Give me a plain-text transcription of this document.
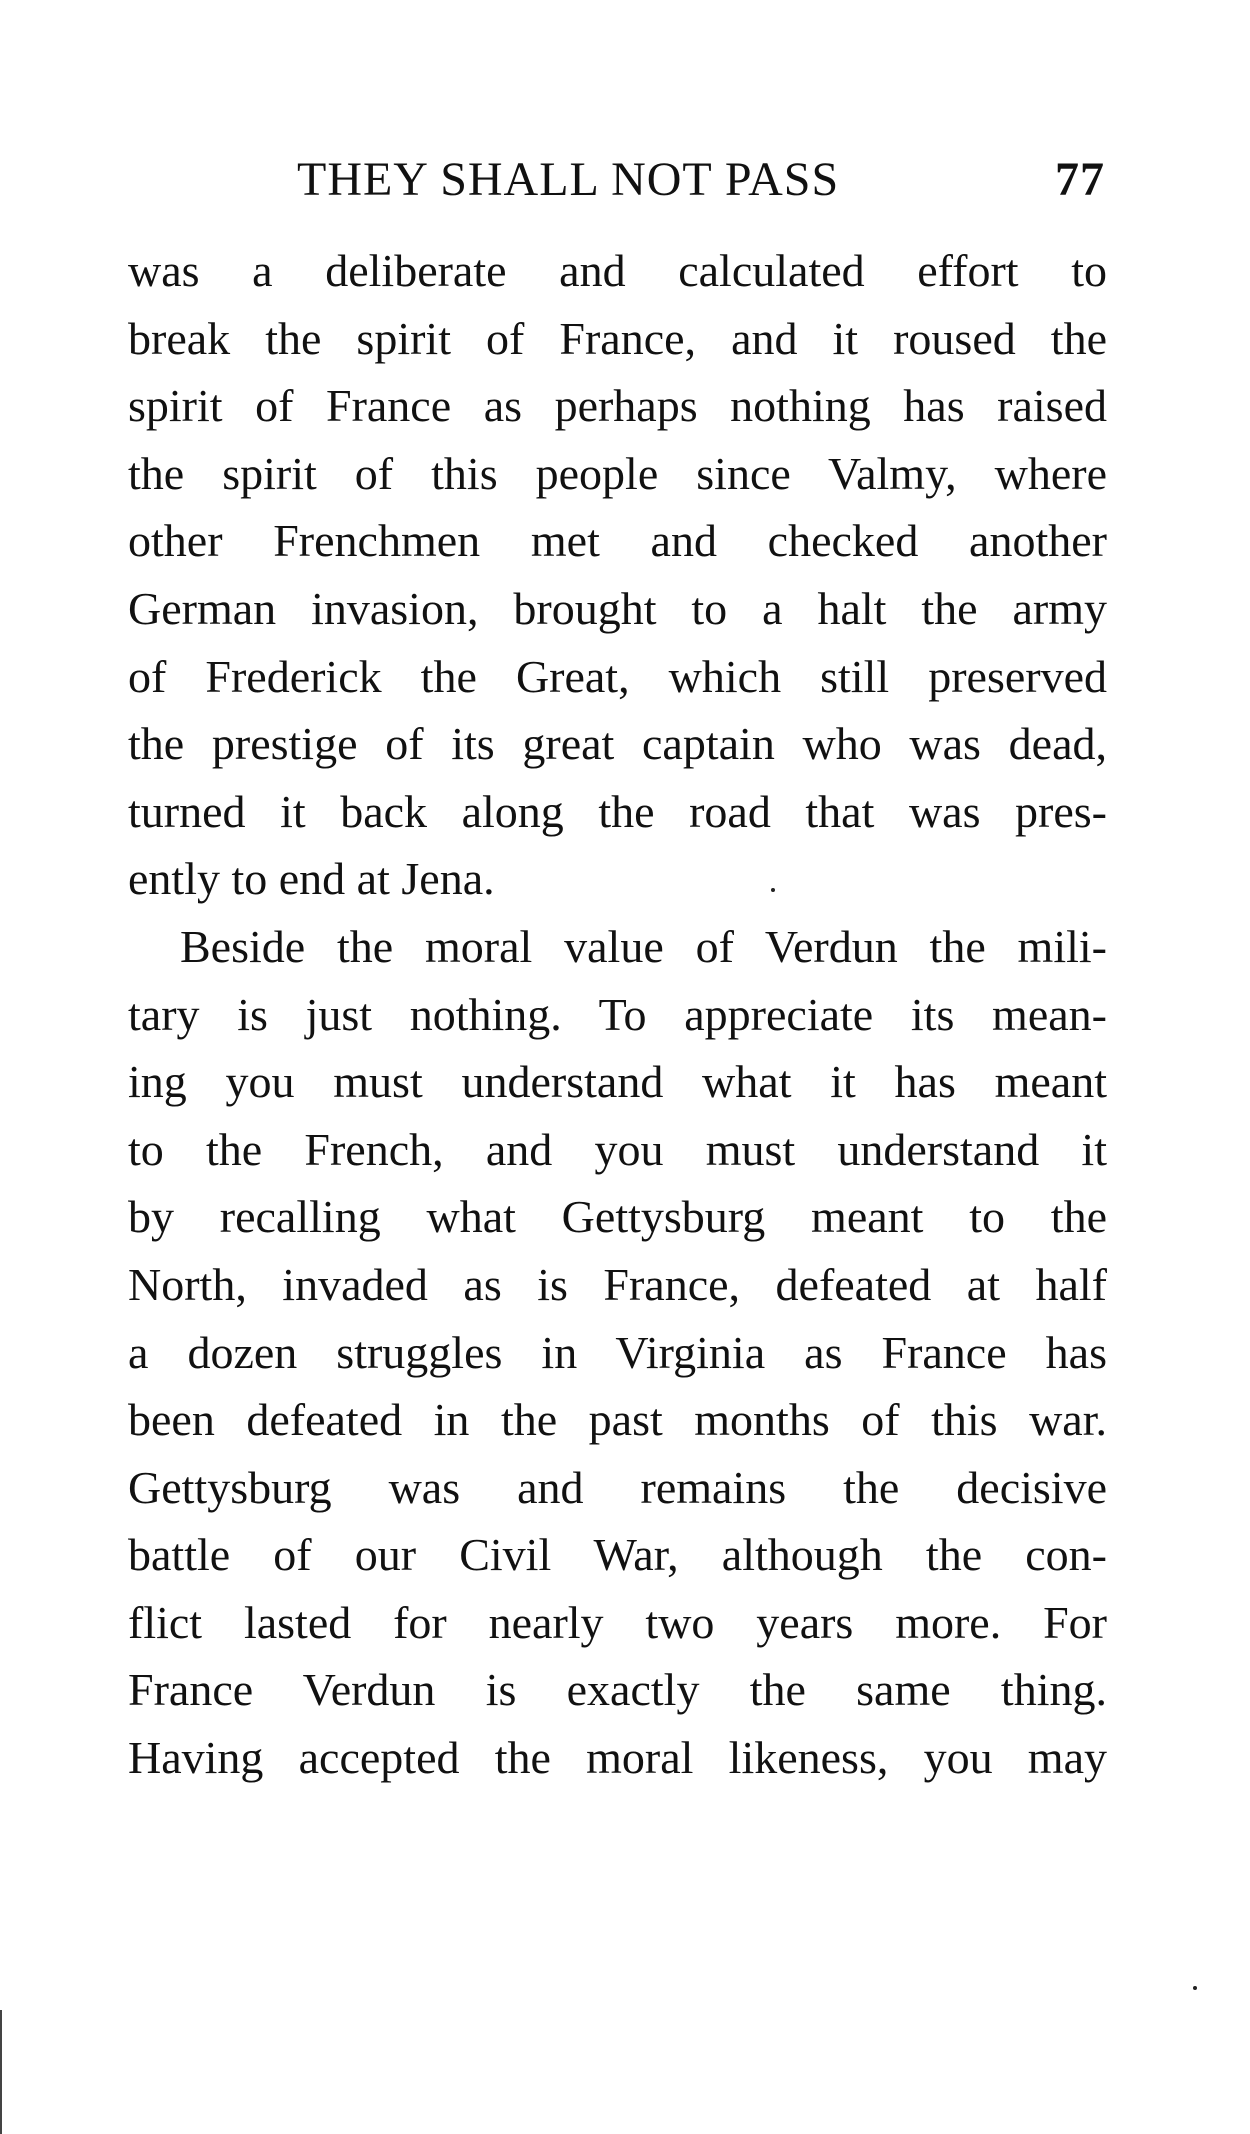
THEY SHALL NOT PASS	77
was a deliberate and calculated effort to
break the spirit of France, and it roused the
spirit of France as perhaps nothing has raised
the spirit of this people since Valmy, where
other Frenchmen met and checked another
German invasion, brought to a halt the army
of Frederick the Great, which still preserved
the prestige of its great captain who was dead,
turned it back along the road that was pres-
ently to end at Jena.
Beside the moral value of Verdun the mili-
tary is just nothing. To appreciate its mean-
ing you must understand what it has meant
to the French, and you must understand it
by recalling what Gettysburg meant to the
North, invaded as is France, defeated at half
a dozen struggles in Virginia as France has
been defeated in the past months of this war.
Gettysburg was and remains the decisive
battle of our Civil War, although the con-
flict lasted for nearly two years more. For
France Verdun is exactly the same thing.
Having accepted the moral likeness, you may
